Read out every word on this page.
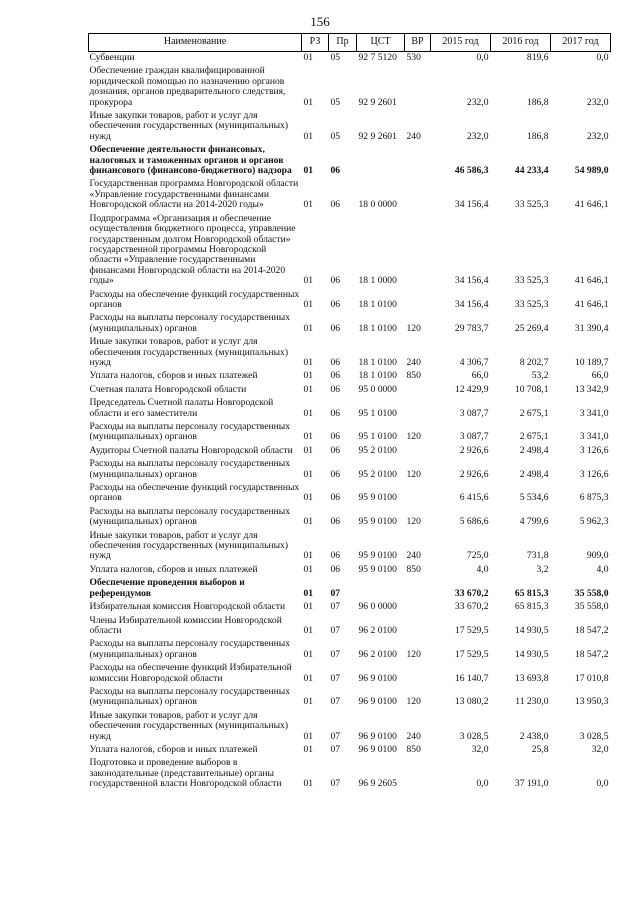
156
Наименование	РЗ	Пр	ЦСТ	ВР	2015 год	2016 год	2017 год
Субвенции	01	05	92 7 5120	530	0,0	819,6	0,0
Обеспечение граждан квалифицированной юридической помощью по назначению органов дознания, органов предварительного следствия, прокурора	01	05	92 9 2601		232,0	186,8	232,0
Иные закупки товаров, работ и услуг для обеспечения государственных (муниципальных) нужд	01	05	92 9 2601	240	232,0	186,8	232,0
Обеспечение деятельности финансовых, налоговых и таможенных органов и органов финансового (финансово-бюджетного) надзора	01	06			46 586,3	44 233,4	54 989,0
Государственная программа Новгородской области «Управление государственными финансами Новгородской области на 2014-2020 годы»	01	06	18 0 0000		34 156,4	33 525,3	41 646,1
Подпрограмма «Организация и обеспечение осуществления бюджетного процесса, управление государственным долгом Новгородской области» государственной программы Новгородской области «Управление государственными финансами Новгородской области на 2014-2020 годы»	01	06	18 1 0000		34 156,4	33 525,3	41 646,1
Расходы на обеспечение функций государственных органов	01	06	18 1 0100		34 156,4	33 525,3	41 646,1
Расходы на выплаты персоналу государственных (муниципальных) органов	01	06	18 1 0100	120	29 783,7	25 269,4	31 390,4
Иные закупки товаров, работ и услуг для обеспечения государственных (муниципальных) нужд	01	06	18 1 0100	240	4 306,7	8 202,7	10 189,7
Уплата налогов, сборов и иных платежей	01	06	18 1 0100	850	66,0	53,2	66,0
Счетная палата Новгородской области	01	06	95 0 0000		12 429,9	10 708,1	13 342,9
Председатель Счетной палаты Новгородской области и его заместители	01	06	95 1 0100		3 087,7	2 675,1	3 341,0
Расходы на выплаты персоналу государственных (муниципальных) органов	01	06	95 1 0100	120	3 087,7	2 675,1	3 341,0
Аудиторы Счетной палаты Новгородской области	01	06	95 2 0100		2 926,6	2 498,4	3 126,6
Расходы на выплаты персоналу государственных (муниципальных) органов	01	06	95 2 0100	120	2 926,6	2 498,4	3 126,6
Расходы на обеспечение функций государственных органов	01	06	95 9 0100		6 415,6	5 534,6	6 875,3
Расходы на выплаты персоналу государственных (муниципальных) органов	01	06	95 9 0100	120	5 686,6	4 799,6	5 962,3
Иные закупки товаров, работ и услуг для обеспечения государственных (муниципальных) нужд	01	06	95 9 0100	240	725,0	731,8	909,0
Уплата налогов, сборов и иных платежей	01	06	95 9 0100	850	4,0	3,2	4,0
Обеспечение проведения выборов и референдумов	01	07			33 670,2	65 815,3	35 558,0
Избирательная комиссия Новгородской области	01	07	96 0 0000		33 670,2	65 815,3	35 558,0
Члены Избирательной комиссии Новгородской области	01	07	96 2 0100		17 529,5	14 930,5	18 547,2
Расходы на выплаты персоналу государственных (муниципальных) органов	01	07	96 2 0100	120	17 529,5	14 930,5	18 547,2
Расходы на обеспечение функций Избирательной комиссии Новгородской области	01	07	96 9 0100		16 140,7	13 693,8	17 010,8
Расходы на выплаты персоналу государственных (муниципальных) органов	01	07	96 9 0100	120	13 080,2	11 230,0	13 950,3
Иные закупки товаров, работ и услуг для обеспечения государственных (муниципальных) нужд	01	07	96 9 0100	240	3 028,5	2 438,0	3 028,5
Уплата налогов, сборов и иных платежей	01	07	96 9 0100	850	32,0	25,8	32,0
Подготовка и проведение выборов в законодательные (представительные) органы государственной власти Новгородской области	01	07	96 9 2605		0,0	37 191,0	0,0
